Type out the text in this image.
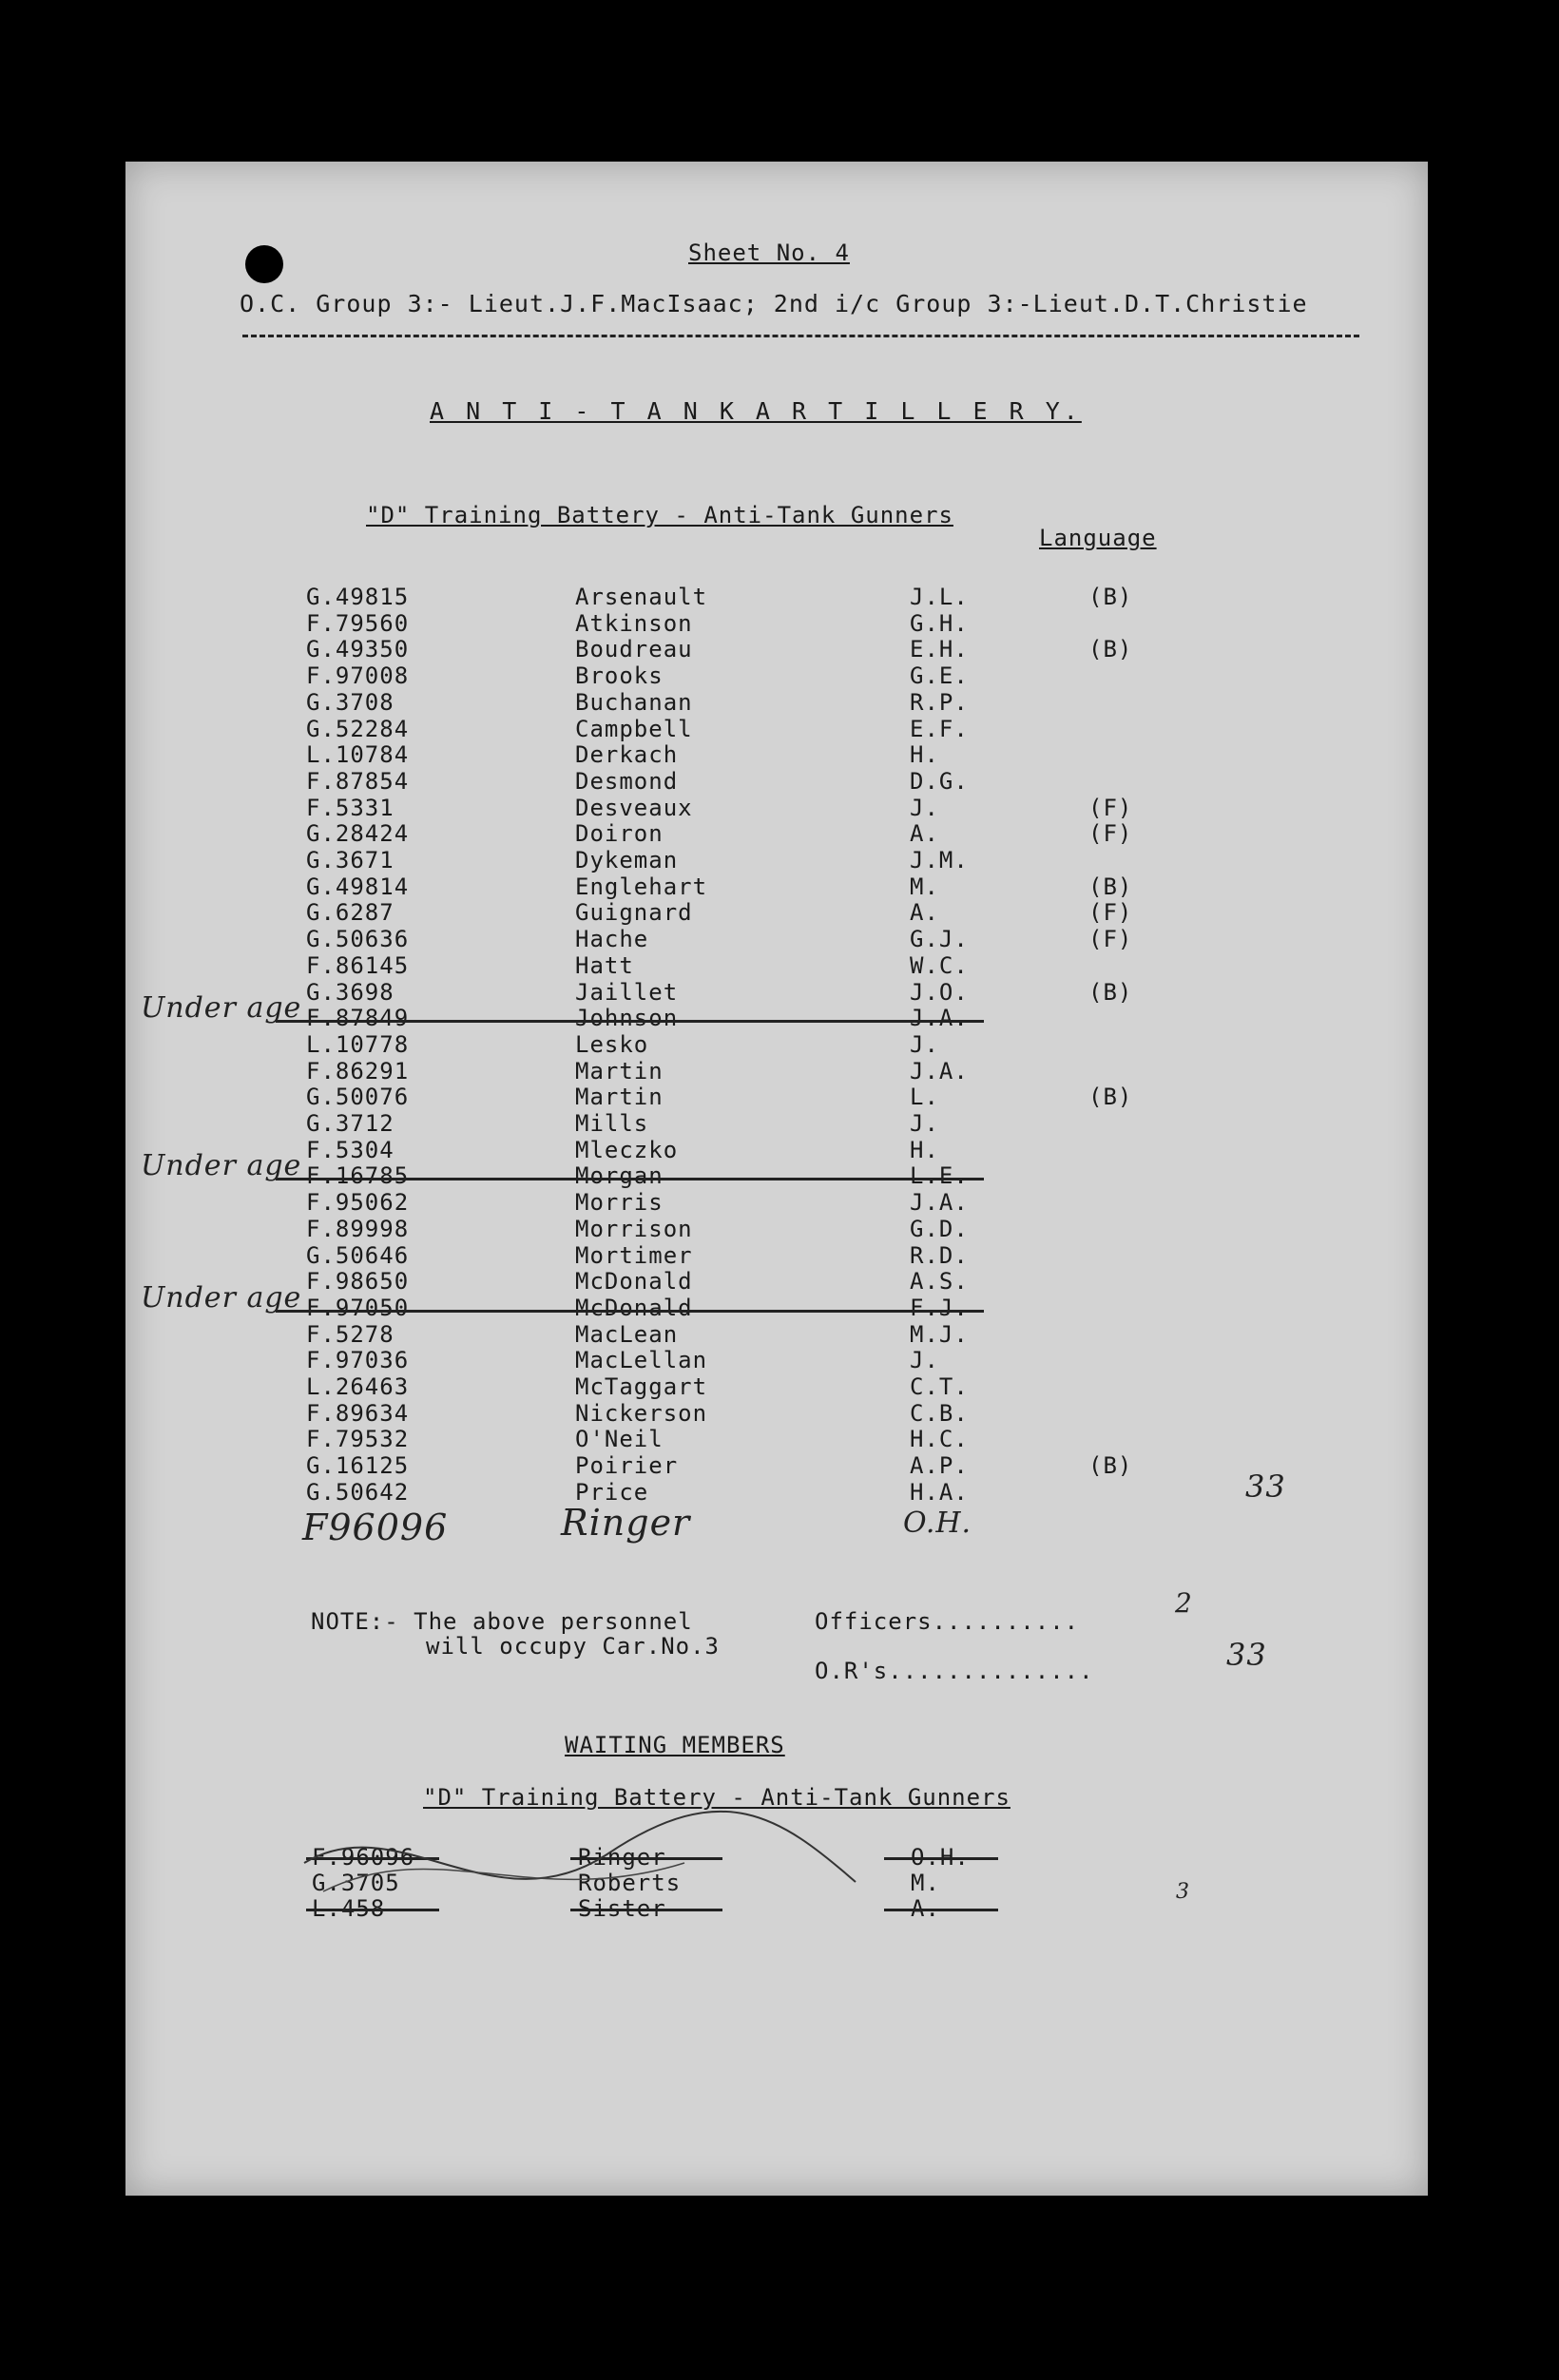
Sheet No. 4
O.C. Group 3:- Lieut.J.F.MacIsaac; 2nd i/c Group 3:-Lieut.D.T.Christie
A N T I - T A N K A R T I L L E R Y.
"D" Training Battery - Anti-Tank Gunners
Language
G.49815	Arsenault	J.L.	(B)
F.79560	Atkinson	G.H.
G.49350	Boudreau	E.H.	(B)
F.97008	Brooks	G.E.
G.3708	Buchanan	R.P.
G.52284	Campbell	E.F.
L.10784	Derkach	H.
F.87854	Desmond	D.G.
F.5331	Desveaux	J.	(F)
G.28424	Doiron	A.	(F)
G.3671	Dykeman	J.M.
G.49814	Englehart	M.	(B)
G.6287	Guignard	A.	(F)
G.50636	Hache	G.J.	(F)
F.86145	Hatt	W.C.
G.3698	Jaillet	J.O.	(B)
F.87849	Johnson	J.A.
Under age
L.10778	Lesko	J.
F.86291	Martin	J.A.
G.50076	Martin	L.	(B)
G.3712	Mills	J.
F.5304	Mleczko	H.
F.16785	Morgan	L.E.
Under age
F.95062	Morris	J.A.
F.89998	Morrison	G.D.
G.50646	Mortimer	R.D.
F.98650	McDonald	A.S.
F.97050	McDonald	F.J.
Under age
F.5278	MacLean	M.J.
F.97036	MacLellan	J.
L.26463	McTaggart	C.T.
F.89634	Nickerson	C.B.
F.79532	O'Neil	H.C.
G.16125	Poirier	A.P.	(B)
G.50642	Price	H.A.
F96096	Ringer	O.H.
33
NOTE:- The above personnel
will occupy Car.No.3
Officers..........
2
O.R's..............	33
WAITING MEMBERS
"D" Training Battery - Anti-Tank Gunners
F.96096	Ringer	O.H.
G.3705	Roberts	M.
L.458	Sister	A.
3
